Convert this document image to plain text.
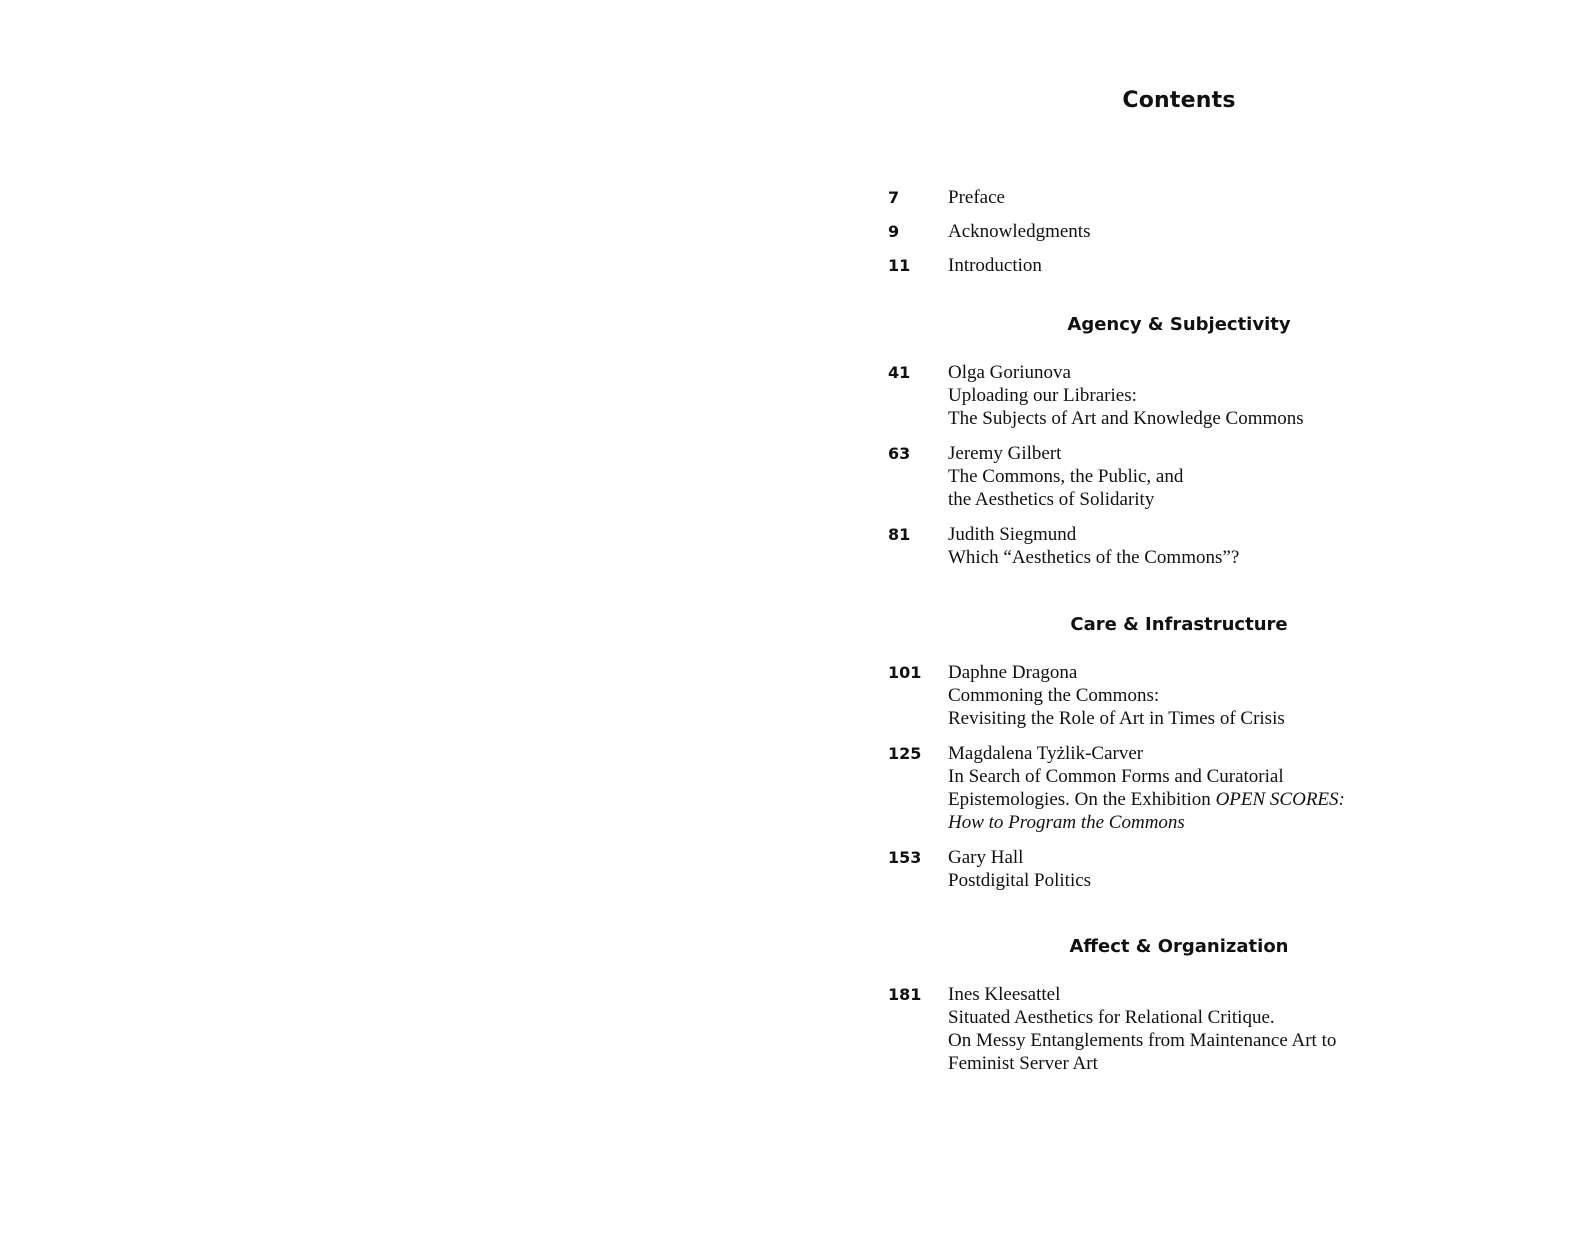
Contents
7	Preface
9	Acknowledgments
11	Introduction
Agency & Subjectivity
41	Olga Goriunova
Uploading our Libraries:
The Subjects of Art and Knowledge Commons
63	Jeremy Gilbert
The Commons, the Public, and
the Aesthetics of Solidarity
81	Judith Siegmund
Which “Aesthetics of the Commons”?
Care & Infrastructure
101	Daphne Dragona
Commoning the Commons:
Revisiting the Role of Art in Times of Crisis
125	Magdalena Tyżlik-Carver
In Search of Common Forms and Curatorial
Epistemologies. On the Exhibition OPEN SCORES:
How to Program the Commons
153	Gary Hall
Postdigital Politics
Affect & Organization
181	Ines Kleesattel
Situated Aesthetics for Relational Critique.
On Messy Entanglements from Maintenance Art to
Feminist Server Art
